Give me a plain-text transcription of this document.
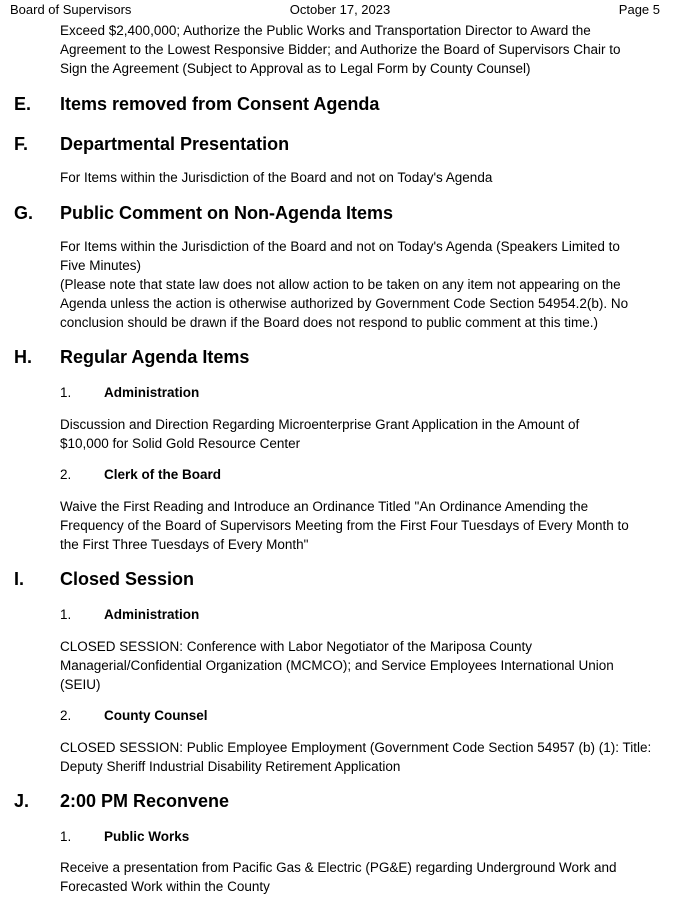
Board of Supervisors	October 17, 2023	Page 5
Exceed $2,400,000; Authorize the Public Works and Transportation Director to Award the
Agreement to the Lowest Responsive Bidder; and Authorize the Board of Supervisors Chair to
Sign the Agreement (Subject to Approval as to Legal Form by County Counsel)
E. Items removed from Consent Agenda
F. Departmental Presentation
For Items within the Jurisdiction of the Board and not on Today's Agenda
G. Public Comment on Non-Agenda Items
For Items within the Jurisdiction of the Board and not on Today's Agenda (Speakers Limited to
Five Minutes)
(Please note that state law does not allow action to be taken on any item not appearing on the
Agenda unless the action is otherwise authorized by Government Code Section 54954.2(b). No
conclusion should be drawn if the Board does not respond to public comment at this time.)
H. Regular Agenda Items
1. Administration
Discussion and Direction Regarding Microenterprise Grant Application in the Amount of
$10,000 for Solid Gold Resource Center
2. Clerk of the Board
Waive the First Reading and Introduce an Ordinance Titled "An Ordinance Amending the
Frequency of the Board of Supervisors Meeting from the First Four Tuesdays of Every Month to
the First Three Tuesdays of Every Month"
I. Closed Session
1. Administration
CLOSED SESSION: Conference with Labor Negotiator of the Mariposa County
Managerial/Confidential Organization (MCMCO); and Service Employees International Union
(SEIU)
2. County Counsel
CLOSED SESSION: Public Employee Employment (Government Code Section 54957 (b) (1): Title:
Deputy Sheriff Industrial Disability Retirement Application
J. 2:00 PM Reconvene
1. Public Works
Receive a presentation from Pacific Gas & Electric (PG&E) regarding Underground Work and
Forecasted Work within the County
